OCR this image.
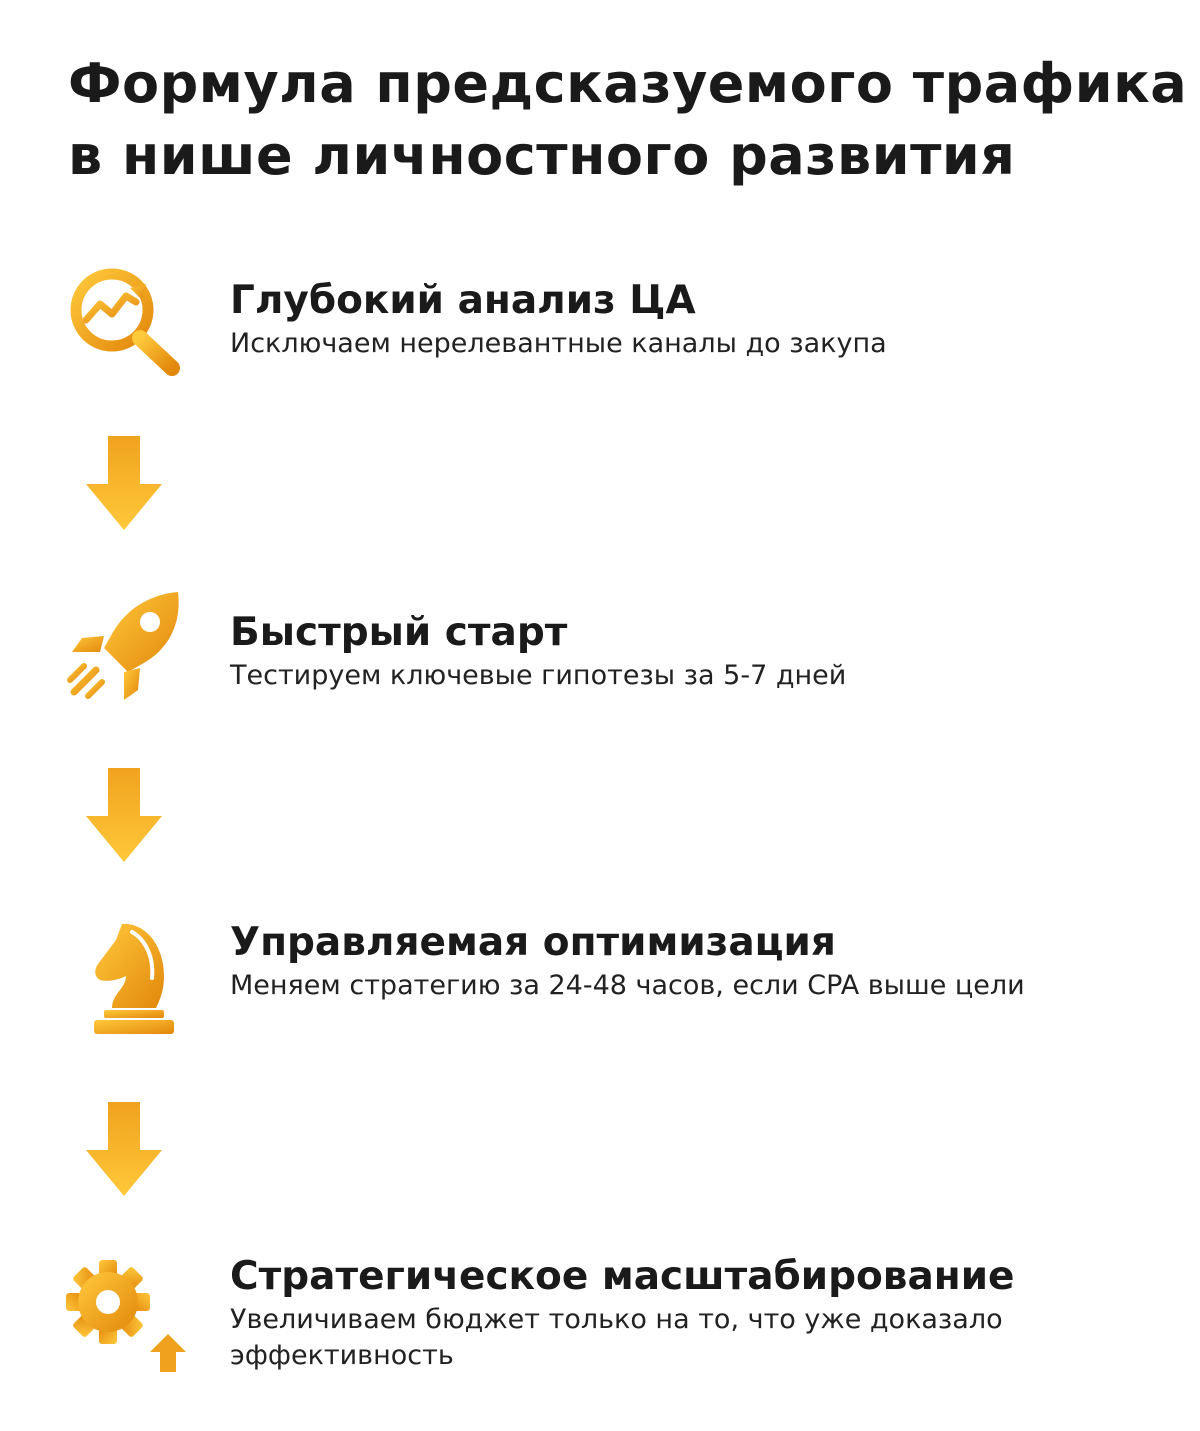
Формула предсказуемого трафика
в нише личностного развития

Глубокий анализ ЦА

Исключаем нерелевантные каналы до закупа

Быстрый старт

Тестируем ключевые гипотезы за 5-7 дней

Управляемая оптимизация

Меняем стратегию за 24-48 часов, если CPA выше цели

Стратегическое масштабирование

Увеличиваем бюджет только на то, что уже доказало эффективность
